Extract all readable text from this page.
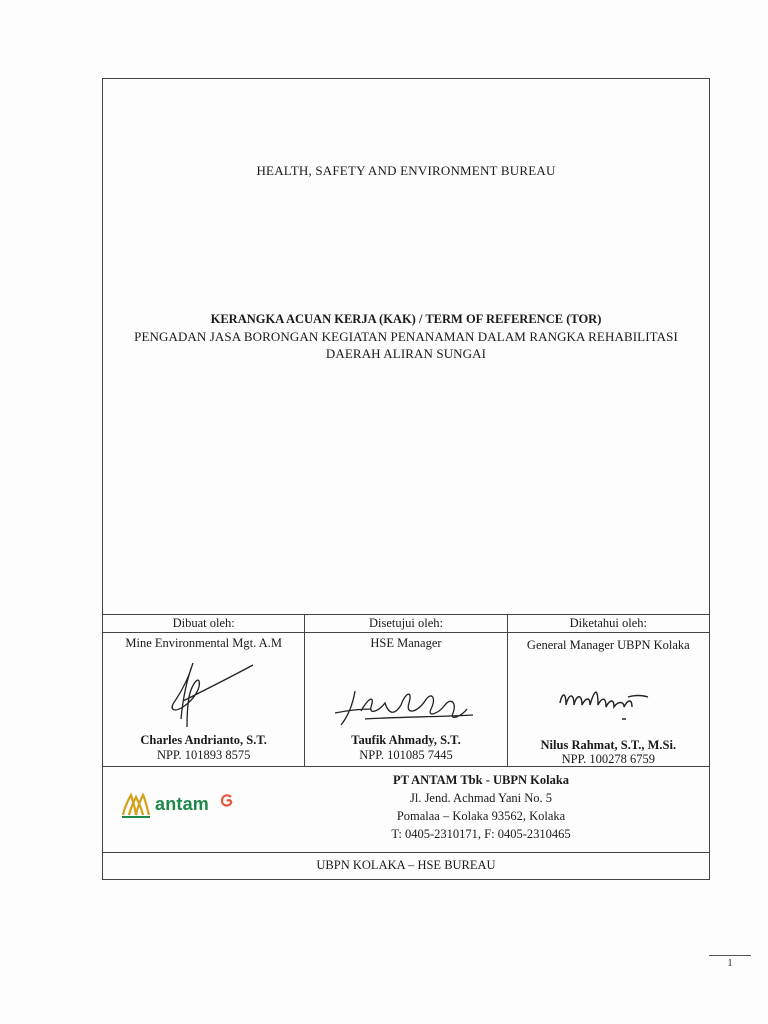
HEALTH, SAFETY AND ENVIRONMENT BUREAU
KERANGKA ACUAN KERJA (KAK) / TERM OF REFERENCE (TOR)
PENGADAN JASA BORONGAN KEGIATAN PENANAMAN DALAM RANGKA REHABILITASI
DAERAH ALIRAN SUNGAI
Dibuat oleh:
Mine Environmental Mgt. A.M
Charles Andrianto, S.T.
NPP. 101893 8575
Disetujui oleh:
HSE Manager
Taufik Ahmady, S.T.
NPP. 101085 7445
Diketahui oleh:
General Manager UBPN Kolaka
Nilus Rahmat, S.T., M.Si.
NPP. 100278 6759
antam
PT ANTAM Tbk - UBPN Kolaka
Jl. Jend. Achmad Yani No. 5
Pomalaa – Kolaka 93562, Kolaka
T: 0405-2310171, F: 0405-2310465
UBPN KOLAKA – HSE BUREAU
1
